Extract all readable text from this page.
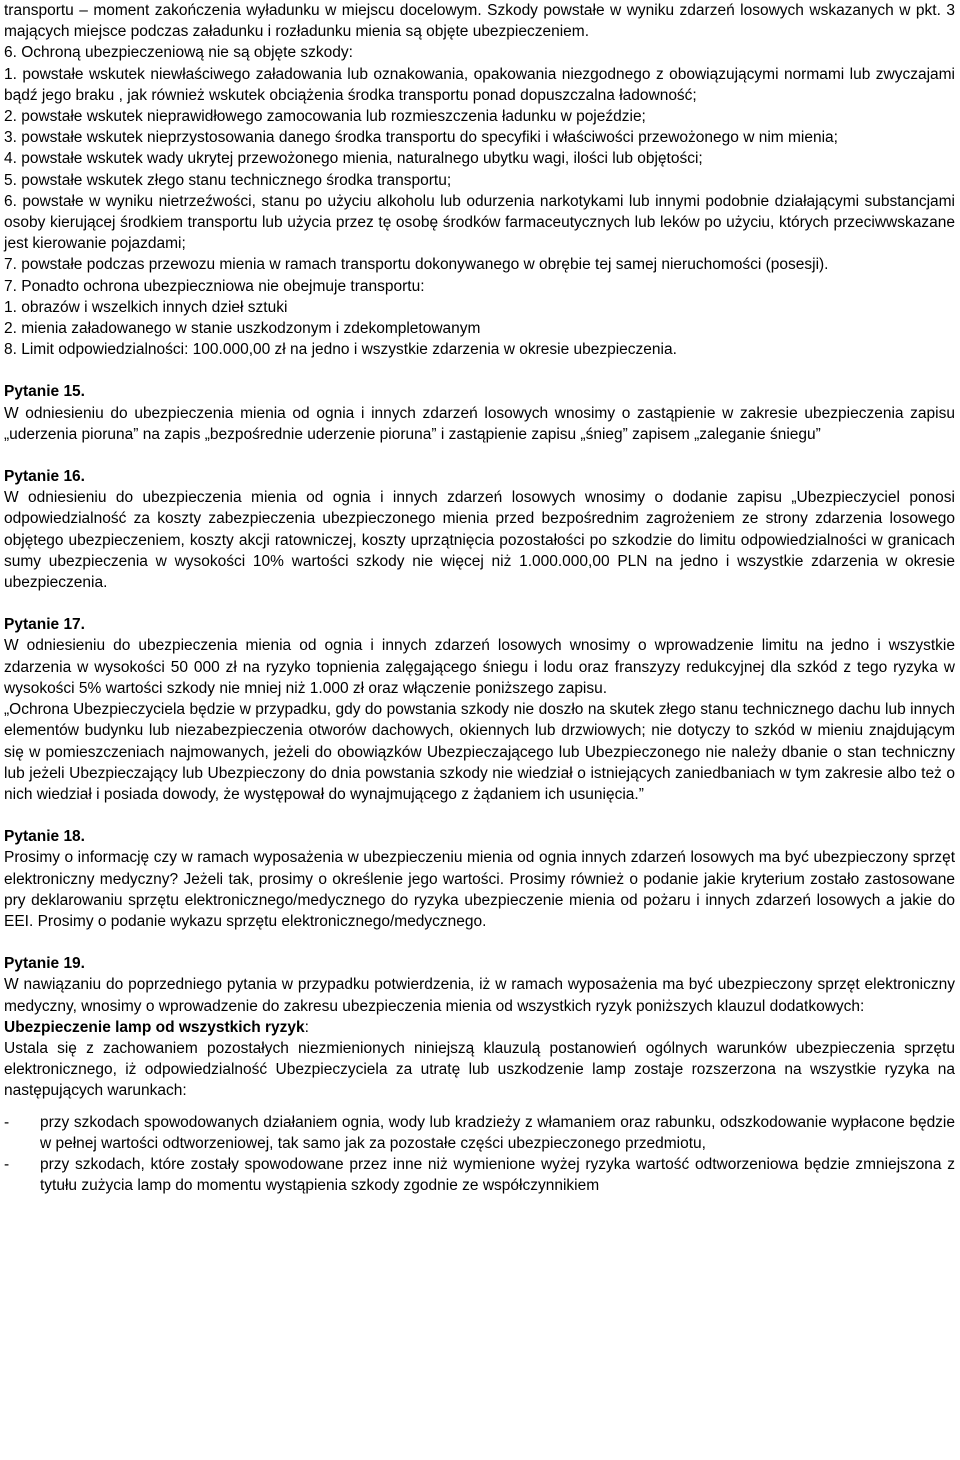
transportu – moment zakończenia wyładunku w miejscu docelowym. Szkody powstałe w wyniku zdarzeń losowych wskazanych w pkt. 3 mających miejsce podczas załadunku i rozładunku mienia są objęte ubezpieczeniem.

6. Ochroną ubezpieczeniową nie są objęte szkody:

1. powstałe wskutek niewłaściwego załadowania lub oznakowania, opakowania niezgodnego z obowiązującymi normami lub zwyczajami bądź jego braku , jak również wskutek obciążenia środka transportu ponad dopuszczalna ładowność;

2. powstałe wskutek nieprawidłowego zamocowania lub rozmieszczenia ładunku w pojeździe;

3. powstałe wskutek nieprzystosowania danego środka transportu do specyfiki i właściwości przewożonego w nim mienia;

4. powstałe wskutek wady ukrytej przewożonego mienia, naturalnego ubytku wagi, ilości lub objętości;

5. powstałe wskutek złego stanu technicznego środka transportu;

6. powstałe w wyniku nietrzeźwości, stanu po użyciu alkoholu lub odurzenia narkotykami lub innymi podobnie działającymi substancjami osoby kierującej środkiem transportu lub użycia przez tę osobę środków farmaceutycznych lub leków po użyciu, których przeciwwskazane jest kierowanie pojazdami;

7. powstałe podczas przewozu mienia w ramach transportu dokonywanego w obrębie tej samej nieruchomości (posesji).

7. Ponadto ochrona ubezpieczniowa nie obejmuje transportu:

1. obrazów i wszelkich innych dzieł sztuki

2. mienia załadowanego w stanie uszkodzonym i zdekompletowanym

8. Limit odpowiedzialności: 100.000,00 zł na jedno i wszystkie zdarzenia w okresie ubezpieczenia.

Pytanie 15.

W odniesieniu do ubezpieczenia mienia od ognia i innych zdarzeń losowych wnosimy o zastąpienie w zakresie ubezpieczenia zapisu „uderzenia pioruna” na zapis „bezpośrednie uderzenie pioruna” i zastąpienie zapisu „śnieg” zapisem „zaleganie śniegu”

Pytanie 16.

W odniesieniu do ubezpieczenia mienia od ognia i innych zdarzeń losowych wnosimy o dodanie zapisu „Ubezpieczyciel ponosi odpowiedzialność za koszty zabezpieczenia ubezpieczonego mienia przed bezpośrednim zagrożeniem ze strony zdarzenia losowego objętego ubezpieczeniem, koszty akcji ratowniczej, koszty uprzątnięcia pozostałości po szkodzie do limitu odpowiedzialności w granicach sumy ubezpieczenia w wysokości 10% wartości szkody nie więcej niż 1.000.000,00 PLN na jedno i wszystkie zdarzenia w okresie ubezpieczenia.

Pytanie 17.

W odniesieniu do ubezpieczenia mienia od ognia i innych zdarzeń losowych wnosimy o wprowadzenie limitu na jedno i wszystkie zdarzenia w wysokości 50 000 zł na ryzyko topnienia zalęgającego śniegu i lodu oraz franszyzy redukcyjnej dla szkód z tego ryzyka w wysokości 5% wartości szkody nie mniej niż 1.000 zł oraz włączenie poniższego zapisu.

„Ochrona Ubezpieczyciela będzie w przypadku, gdy do powstania szkody nie doszło na skutek złego stanu technicznego dachu lub innych elementów budynku lub niezabezpieczenia otworów dachowych, okiennych lub drzwiowych; nie dotyczy to szkód w mieniu znajdującym się w pomieszczeniach najmowanych, jeżeli do obowiązków Ubezpieczającego lub Ubezpieczonego nie należy dbanie o stan techniczny lub jeżeli Ubezpieczający lub Ubezpieczony do dnia powstania szkody nie wiedział o istniejących zaniedbaniach w tym zakresie albo też o nich wiedział i posiada dowody, że występował do wynajmującego z żądaniem ich usunięcia.”

Pytanie 18.

Prosimy o informację czy w ramach wyposażenia w ubezpieczeniu mienia od ognia innych zdarzeń losowych ma być ubezpieczony sprzęt elektroniczny medyczny? Jeżeli tak, prosimy o określenie jego wartości. Prosimy również o podanie jakie kryterium zostało zastosowane pry deklarowaniu sprzętu elektronicznego/medycznego do ryzyka ubezpieczenie mienia od pożaru i innych zdarzeń losowych a jakie do EEI. Prosimy o podanie wykazu sprzętu elektronicznego/medycznego.

Pytanie 19.

W nawiązaniu do poprzedniego pytania w przypadku potwierdzenia, iż w ramach wyposażenia ma być ubezpieczony sprzęt elektroniczny medyczny, wnosimy o wprowadzenie do zakresu ubezpieczenia mienia od wszystkich ryzyk poniższych klauzul dodatkowych:

Ubezpieczenie lamp od wszystkich ryzyk:

Ustala się z zachowaniem pozostałych niezmienionych niniejszą klauzulą postanowień ogólnych warunków ubezpieczenia sprzętu elektronicznego, iż odpowiedzialność Ubezpieczyciela za utratę lub uszkodzenie lamp zostaje rozszerzona na wszystkie ryzyka na następujących warunkach:

-	przy szkodach spowodowanych działaniem ognia, wody lub kradzieży z włamaniem oraz rabunku, odszkodowanie wypłacone będzie w pełnej wartości odtworzeniowej, tak samo jak za pozostałe części ubezpieczonego przedmiotu,
-	przy szkodach, które zostały spowodowane przez inne niż wymienione wyżej ryzyka wartość odtworzeniowa będzie zmniejszona z tytułu zużycia lamp do momentu wystąpienia szkody zgodnie ze współczynnikiem
